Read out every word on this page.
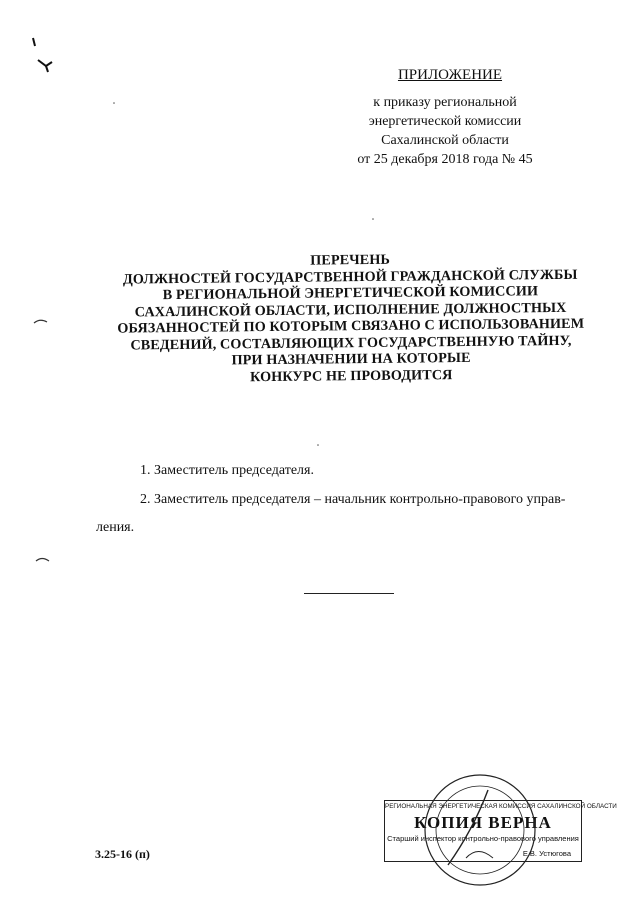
ПРИЛОЖЕНИЕ
к приказу региональной
энергетической комиссии
Сахалинской области
от 25 декабря 2018 года № 45
ПЕРЕЧЕНЬ
ДОЛЖНОСТЕЙ ГОСУДАРСТВЕННОЙ ГРАЖДАНСКОЙ СЛУЖБЫ
В РЕГИОНАЛЬНОЙ ЭНЕРГЕТИЧЕСКОЙ КОМИССИИ
САХАЛИНСКОЙ ОБЛАСТИ, ИСПОЛНЕНИЕ ДОЛЖНОСТНЫХ
ОБЯЗАННОСТЕЙ ПО КОТОРЫМ СВЯЗАНО С ИСПОЛЬЗОВАНИЕМ
СВЕДЕНИЙ, СОСТАВЛЯЮЩИХ ГОСУДАРСТВЕННУЮ ТАЙНУ,
ПРИ НАЗНАЧЕНИИ НА КОТОРЫЕ
КОНКУРС НЕ ПРОВОДИТСЯ
1. Заместитель председателя.
2. Заместитель председателя – начальник контрольно-правового управ-
ления.
3.25-16 (п)
РЕГИОНАЛЬНАЯ ЭНЕРГЕТИЧЕСКАЯ КОМИССИЯ САХАЛИНСКОЙ ОБЛАСТИ
КОПИЯ ВЕРНА
Старший инспектор контрольно-правового управления
Е.В. Устюгова
